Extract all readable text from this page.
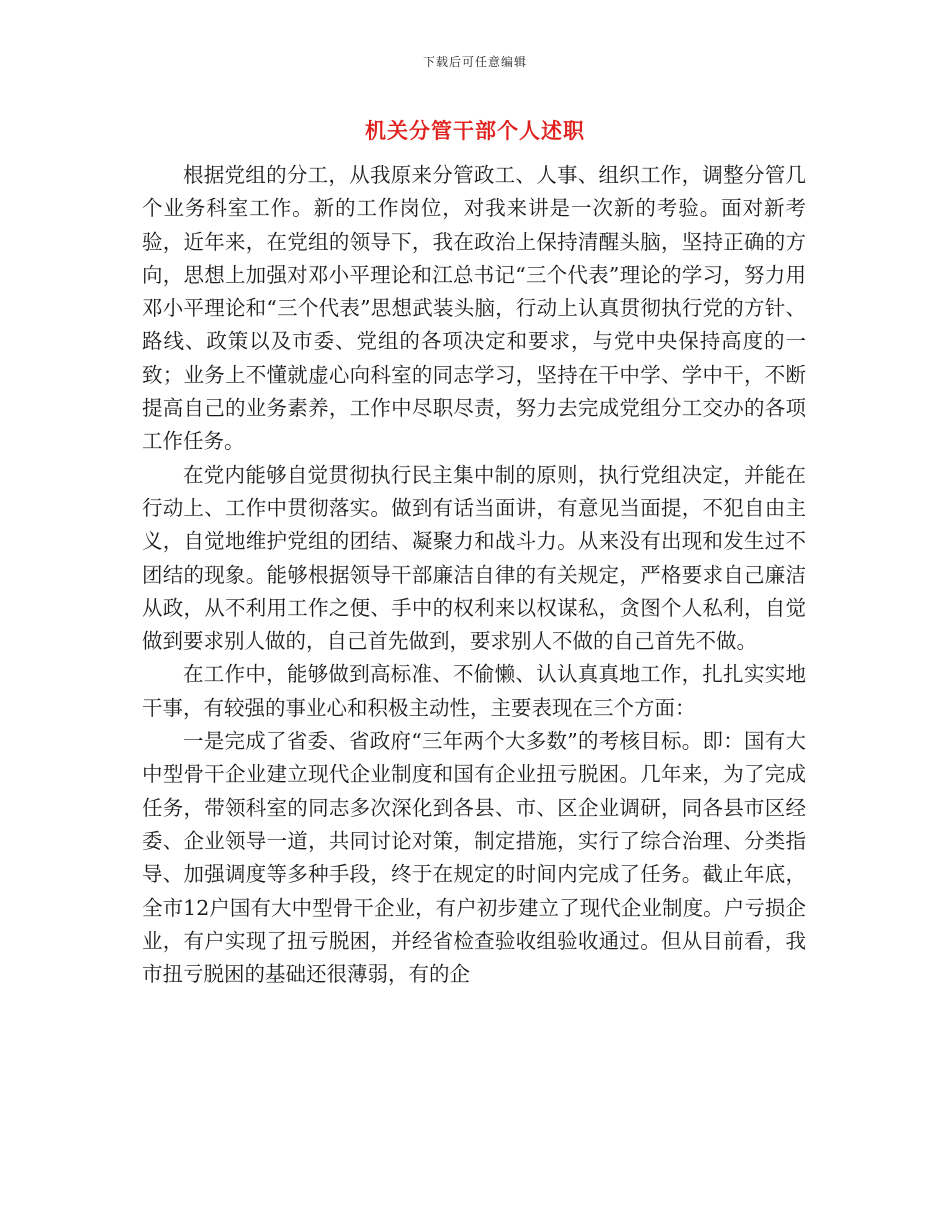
下载后可任意编辑
机关分管干部个人述职

根据党组的分工，从我原来分管政工、人事、组织工作，调整分管几个业务科室工作。新的工作岗位，对我来讲是一次新的考验。面对新考验，近年来，在党组的领导下，我在政治上保持清醒头脑，坚持正确的方向，思想上加强对邓小平理论和江总书记“三个代表”理论的学习，努力用邓小平理论和“三个代表”思想武装头脑，行动上认真贯彻执行党的方针、路线、政策以及市委、党组的各项决定和要求，与党中央保持高度的一致；业务上不懂就虚心向科室的同志学习，坚持在干中学、学中干，不断提高自己的业务素养，工作中尽职尽责，努力去完成党组分工交办的各项工作任务。

在党内能够自觉贯彻执行民主集中制的原则，执行党组决定，并能在行动上、工作中贯彻落实。做到有话当面讲，有意见当面提，不犯自由主义，自觉地维护党组的团结、凝聚力和战斗力。从来没有出现和发生过不团结的现象。能够根据领导干部廉洁自律的有关规定，严格要求自己廉洁从政，从不利用工作之便、手中的权利来以权谋私，贪图个人私利，自觉做到要求别人做的，自己首先做到，要求别人不做的自己首先不做。

在工作中，能够做到高标准、不偷懒、认认真真地工作，扎扎实实地干事，有较强的事业心和积极主动性，主要表现在三个方面：

一是完成了省委、省政府“三年两个大多数”的考核目标。即：国有大中型骨干企业建立现代企业制度和国有企业扭亏脱困。几年来，为了完成任务，带领科室的同志多次深化到各县、市、区企业调研，同各县市区经委、企业领导一道，共同讨论对策，制定措施，实行了综合治理、分类指导、加强调度等多种手段，终于在规定的时间内完成了任务。截止年底，全市12户国有大中型骨干企业，有户初步建立了现代企业制度。户亏损企业，有户实现了扭亏脱困，并经省检查验收组验收通过。但从目前看，我市扭亏脱困的基础还很薄弱，有的企
